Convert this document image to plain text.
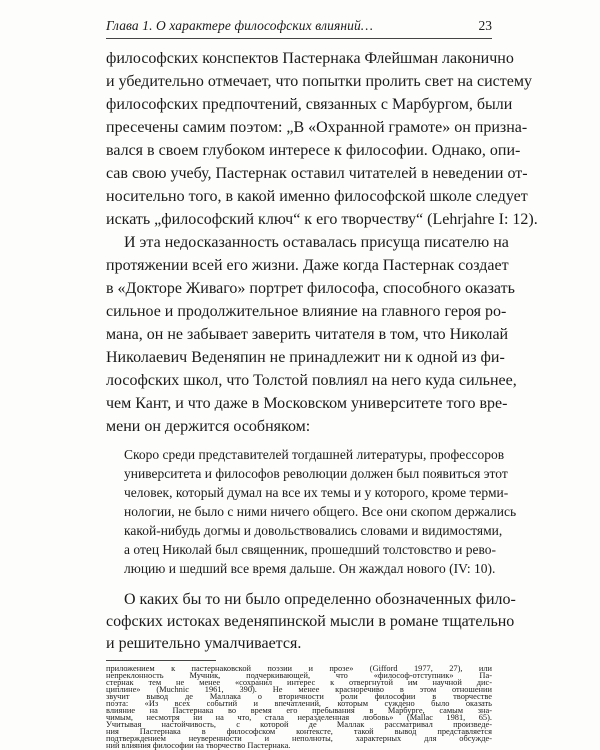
Глава 1. О характере философских влияний…	23
философских конспектов Пастернака Флейшман лаконично
и убедительно отмечает, что попытки пролить свет на систему
философских предпочтений, связанных с Марбургом, были
пресечены самим поэтом: „В «Охранной грамоте» он призна-
вался в своем глубоком интересе к философии. Однако, опи-
сав свою учебу, Пастернак оставил читателей в неведении от-
носительно того, в какой именно философской школе следует
искать „философский ключ“ к его творчеству“ (Lehrjahre I: 12).
И эта недосказанность оставалась присуща писателю на
протяжении всей его жизни. Даже когда Пастернак создает
в «Докторе Живаго» портрет философа, способного оказать
сильное и продолжительное влияние на главного героя ро-
мана, он не забывает заверить читателя в том, что Николай
Николаевич Веденяпин не принадлежит ни к одной из фи-
лософских школ, что Толстой повлиял на него куда сильнее,
чем Кант, и что даже в Московском университете того вре-
мени он держится особняком:
Скоро среди представителей тогдашней литературы, профессоров
университета и философов революции должен был появиться этот
человек, который думал на все их темы и у которого, кроме терми-
нологии, не было с ними ничего общего. Все они скопом держались
какой-нибудь догмы и довольствовались словами и видимостями,
а отец Николай был священник, прошедший толстовство и рево-
люцию и шедший все время дальше. Он жаждал нового (IV: 10).
О каких бы то ни было определенно обозначенных фило-
софских истоках веденяпинской мысли в романе тщательно
и решительно умалчивается.
приложением к пастернаковской поэзии и прозе» (Gifford 1977, 27), или
непреклонность Мучник, подчеркивающей, что «философ-отступник» Па-
стернак тем не менее «сохранил интерес к отвергнутой им научной дис-
циплине» (Muchnic 1961, 390). Не менее красноречиво в этом отношении
звучит вывод де Маллака о вторичности роли философии в творчестве
поэта: «Из всех событий и впечатлений, которым суждено было оказать
влияние на Пастернака во время его пребывания в Марбурге, самым зна-
чимым, несмотря ни на что, стала неразделенная любовь» (Mallac 1981, 65).
Учитывая настойчивость, с которой де Маллак рассматривал произведе-
ния Пастернака в философском контексте, такой вывод представляется
подтверждением неуверенности и неполноты, характерных для обсужде-
ний влияния философии на творчество Пастернака.
